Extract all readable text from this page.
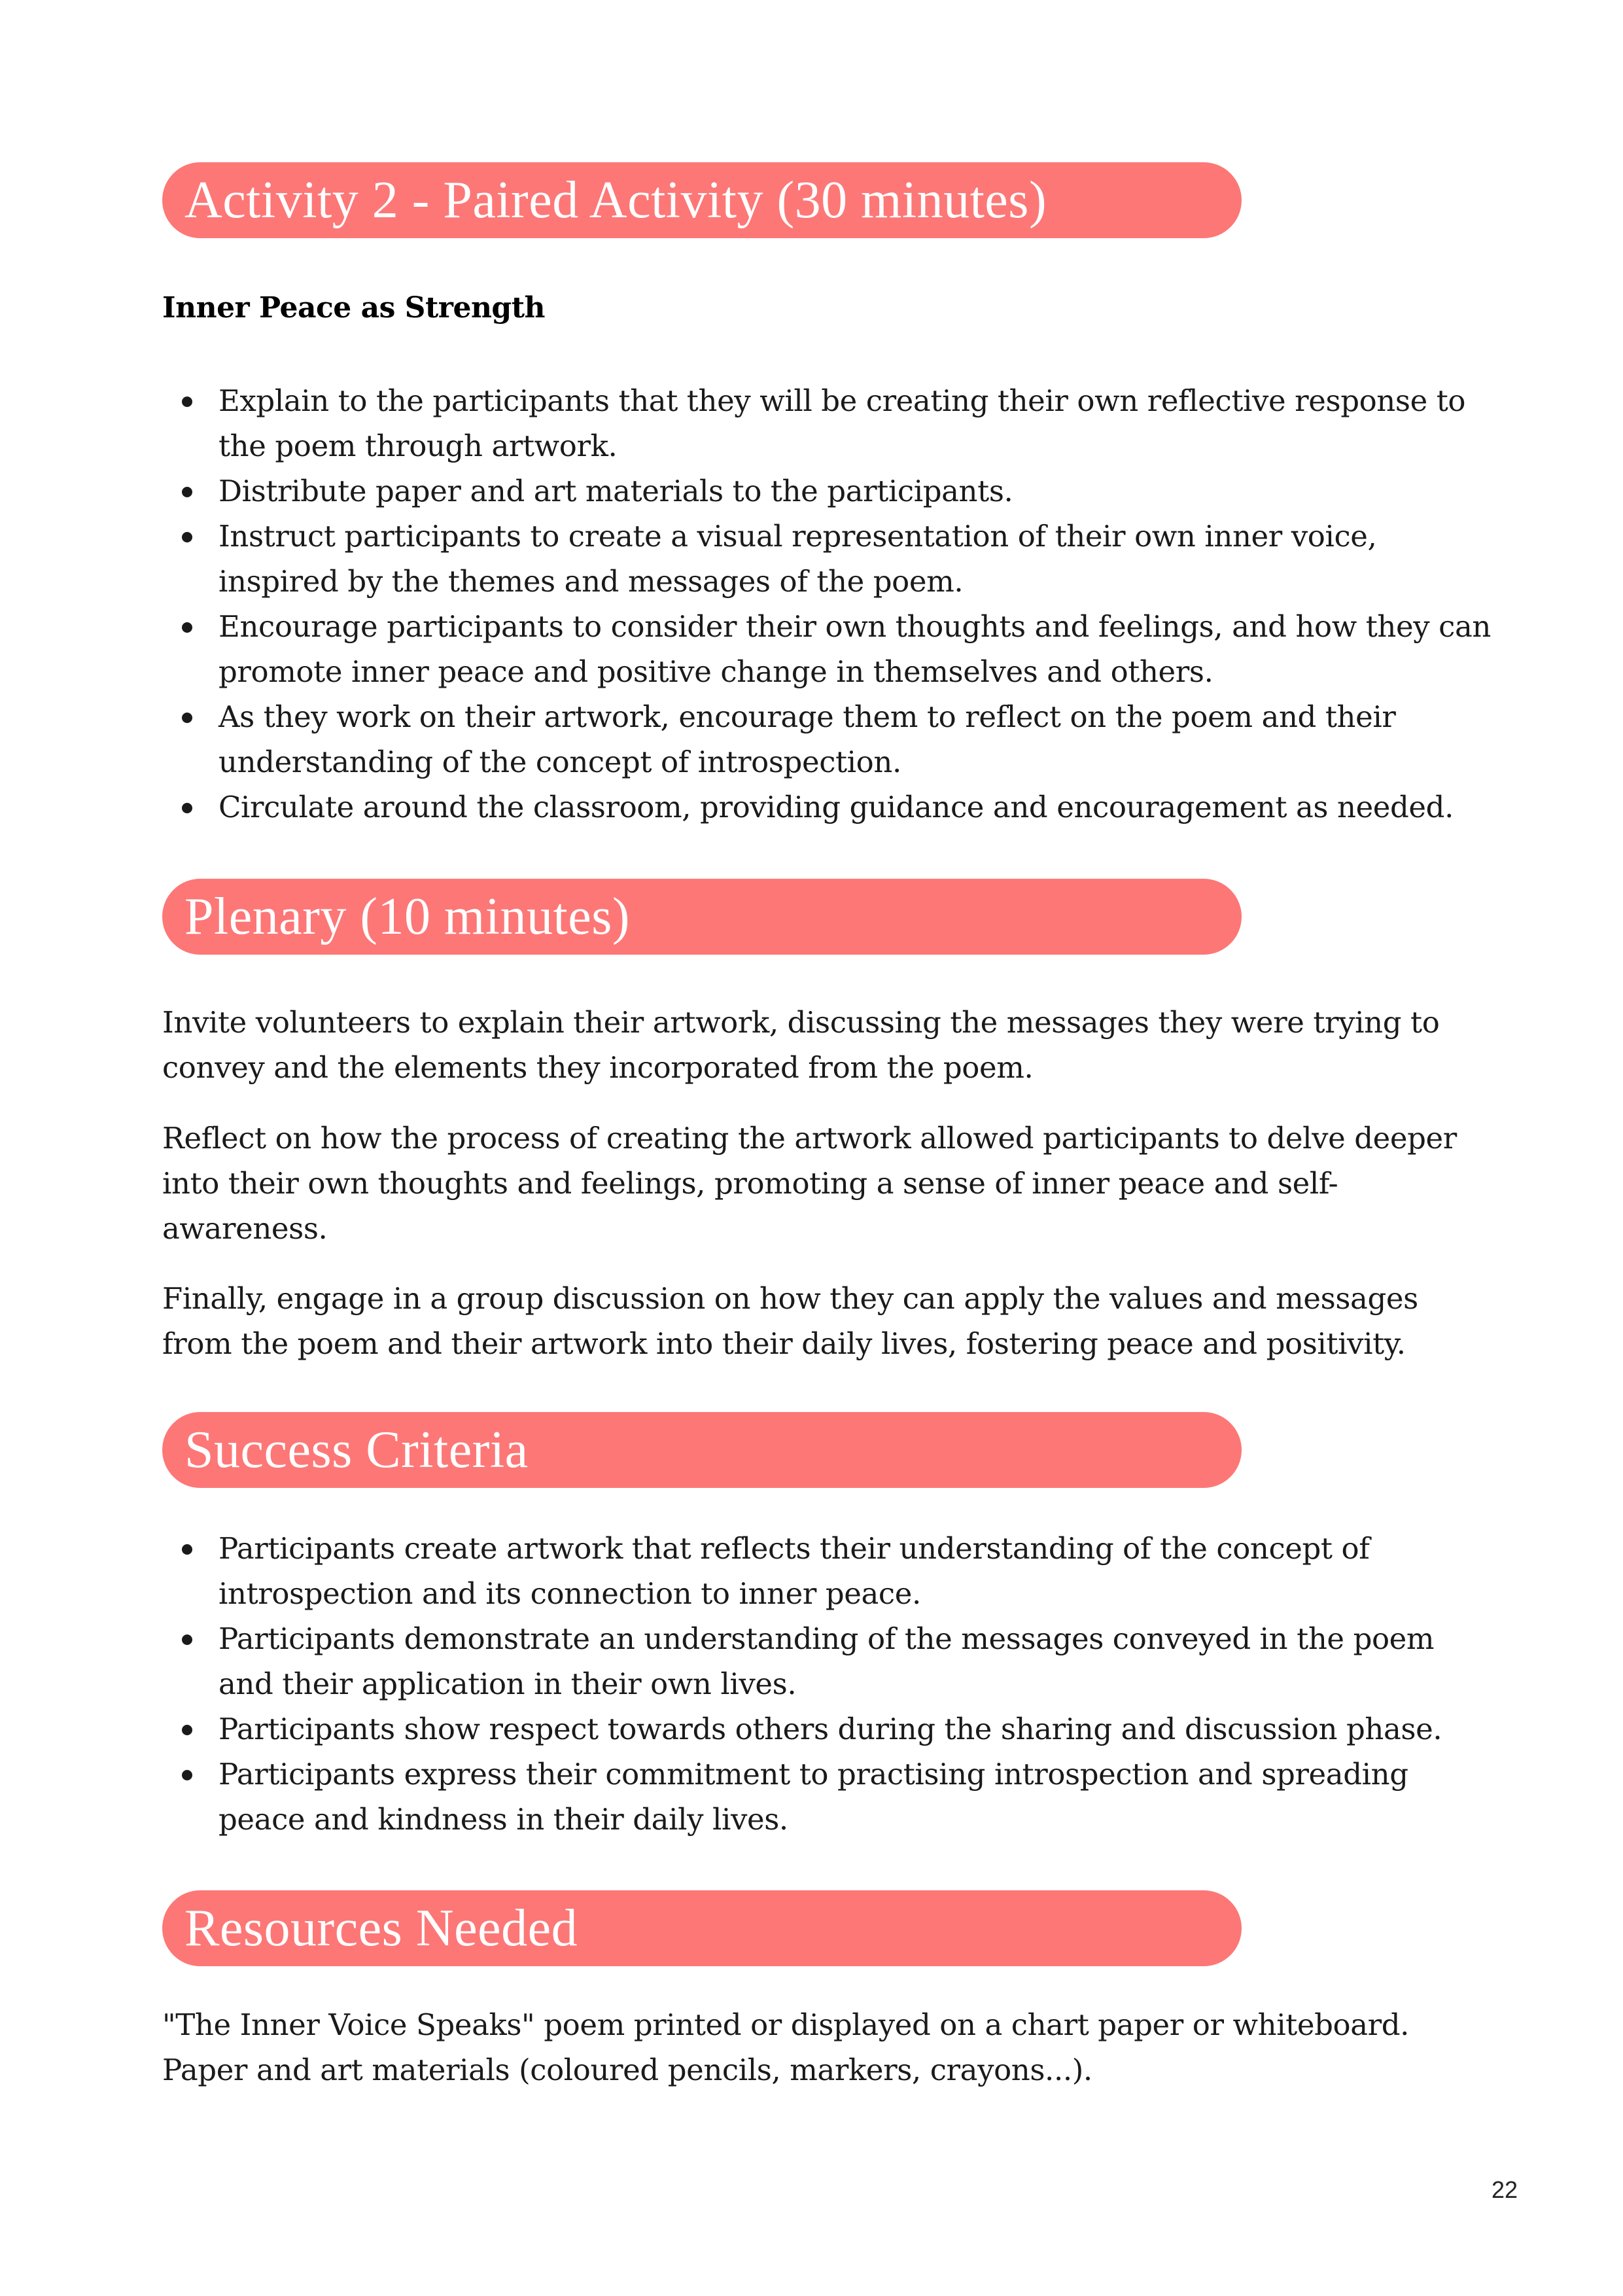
Activity 2 - Paired Activity (30 minutes)
Inner Peace as Strength
Explain to the participants that they will be creating their own reflective response to the poem through artwork.
Distribute paper and art materials to the participants.
Instruct participants to create a visual representation of their own inner voice, inspired by the themes and messages of the poem.
Encourage participants to consider their own thoughts and feelings, and how they can promote inner peace and positive change in themselves and others.
As they work on their artwork, encourage them to reflect on the poem and their understanding of the concept of introspection.
Circulate around the classroom, providing guidance and encouragement as needed.
Plenary (10 minutes)

Invite volunteers to explain their artwork, discussing the messages they were trying to convey and the elements they incorporated from the poem.

Reflect on how the process of creating the artwork allowed participants to delve deeper into their own thoughts and feelings, promoting a sense of inner peace and self-awareness.

Finally, engage in a group discussion on how they can apply the values and messages from the poem and their artwork into their daily lives, fostering peace and positivity.

Success Criteria
Participants create artwork that reflects their understanding of the concept of introspection and its connection to inner peace.
Participants demonstrate an understanding of the messages conveyed in the poem and their application in their own lives.
Participants show respect towards others during the sharing and discussion phase.
Participants express their commitment to practising introspection and spreading peace and kindness in their daily lives.
Resources Needed

"The Inner Voice Speaks" poem printed or displayed on a chart paper or whiteboard.

Paper and art materials (coloured pencils, markers, crayons...).

22
